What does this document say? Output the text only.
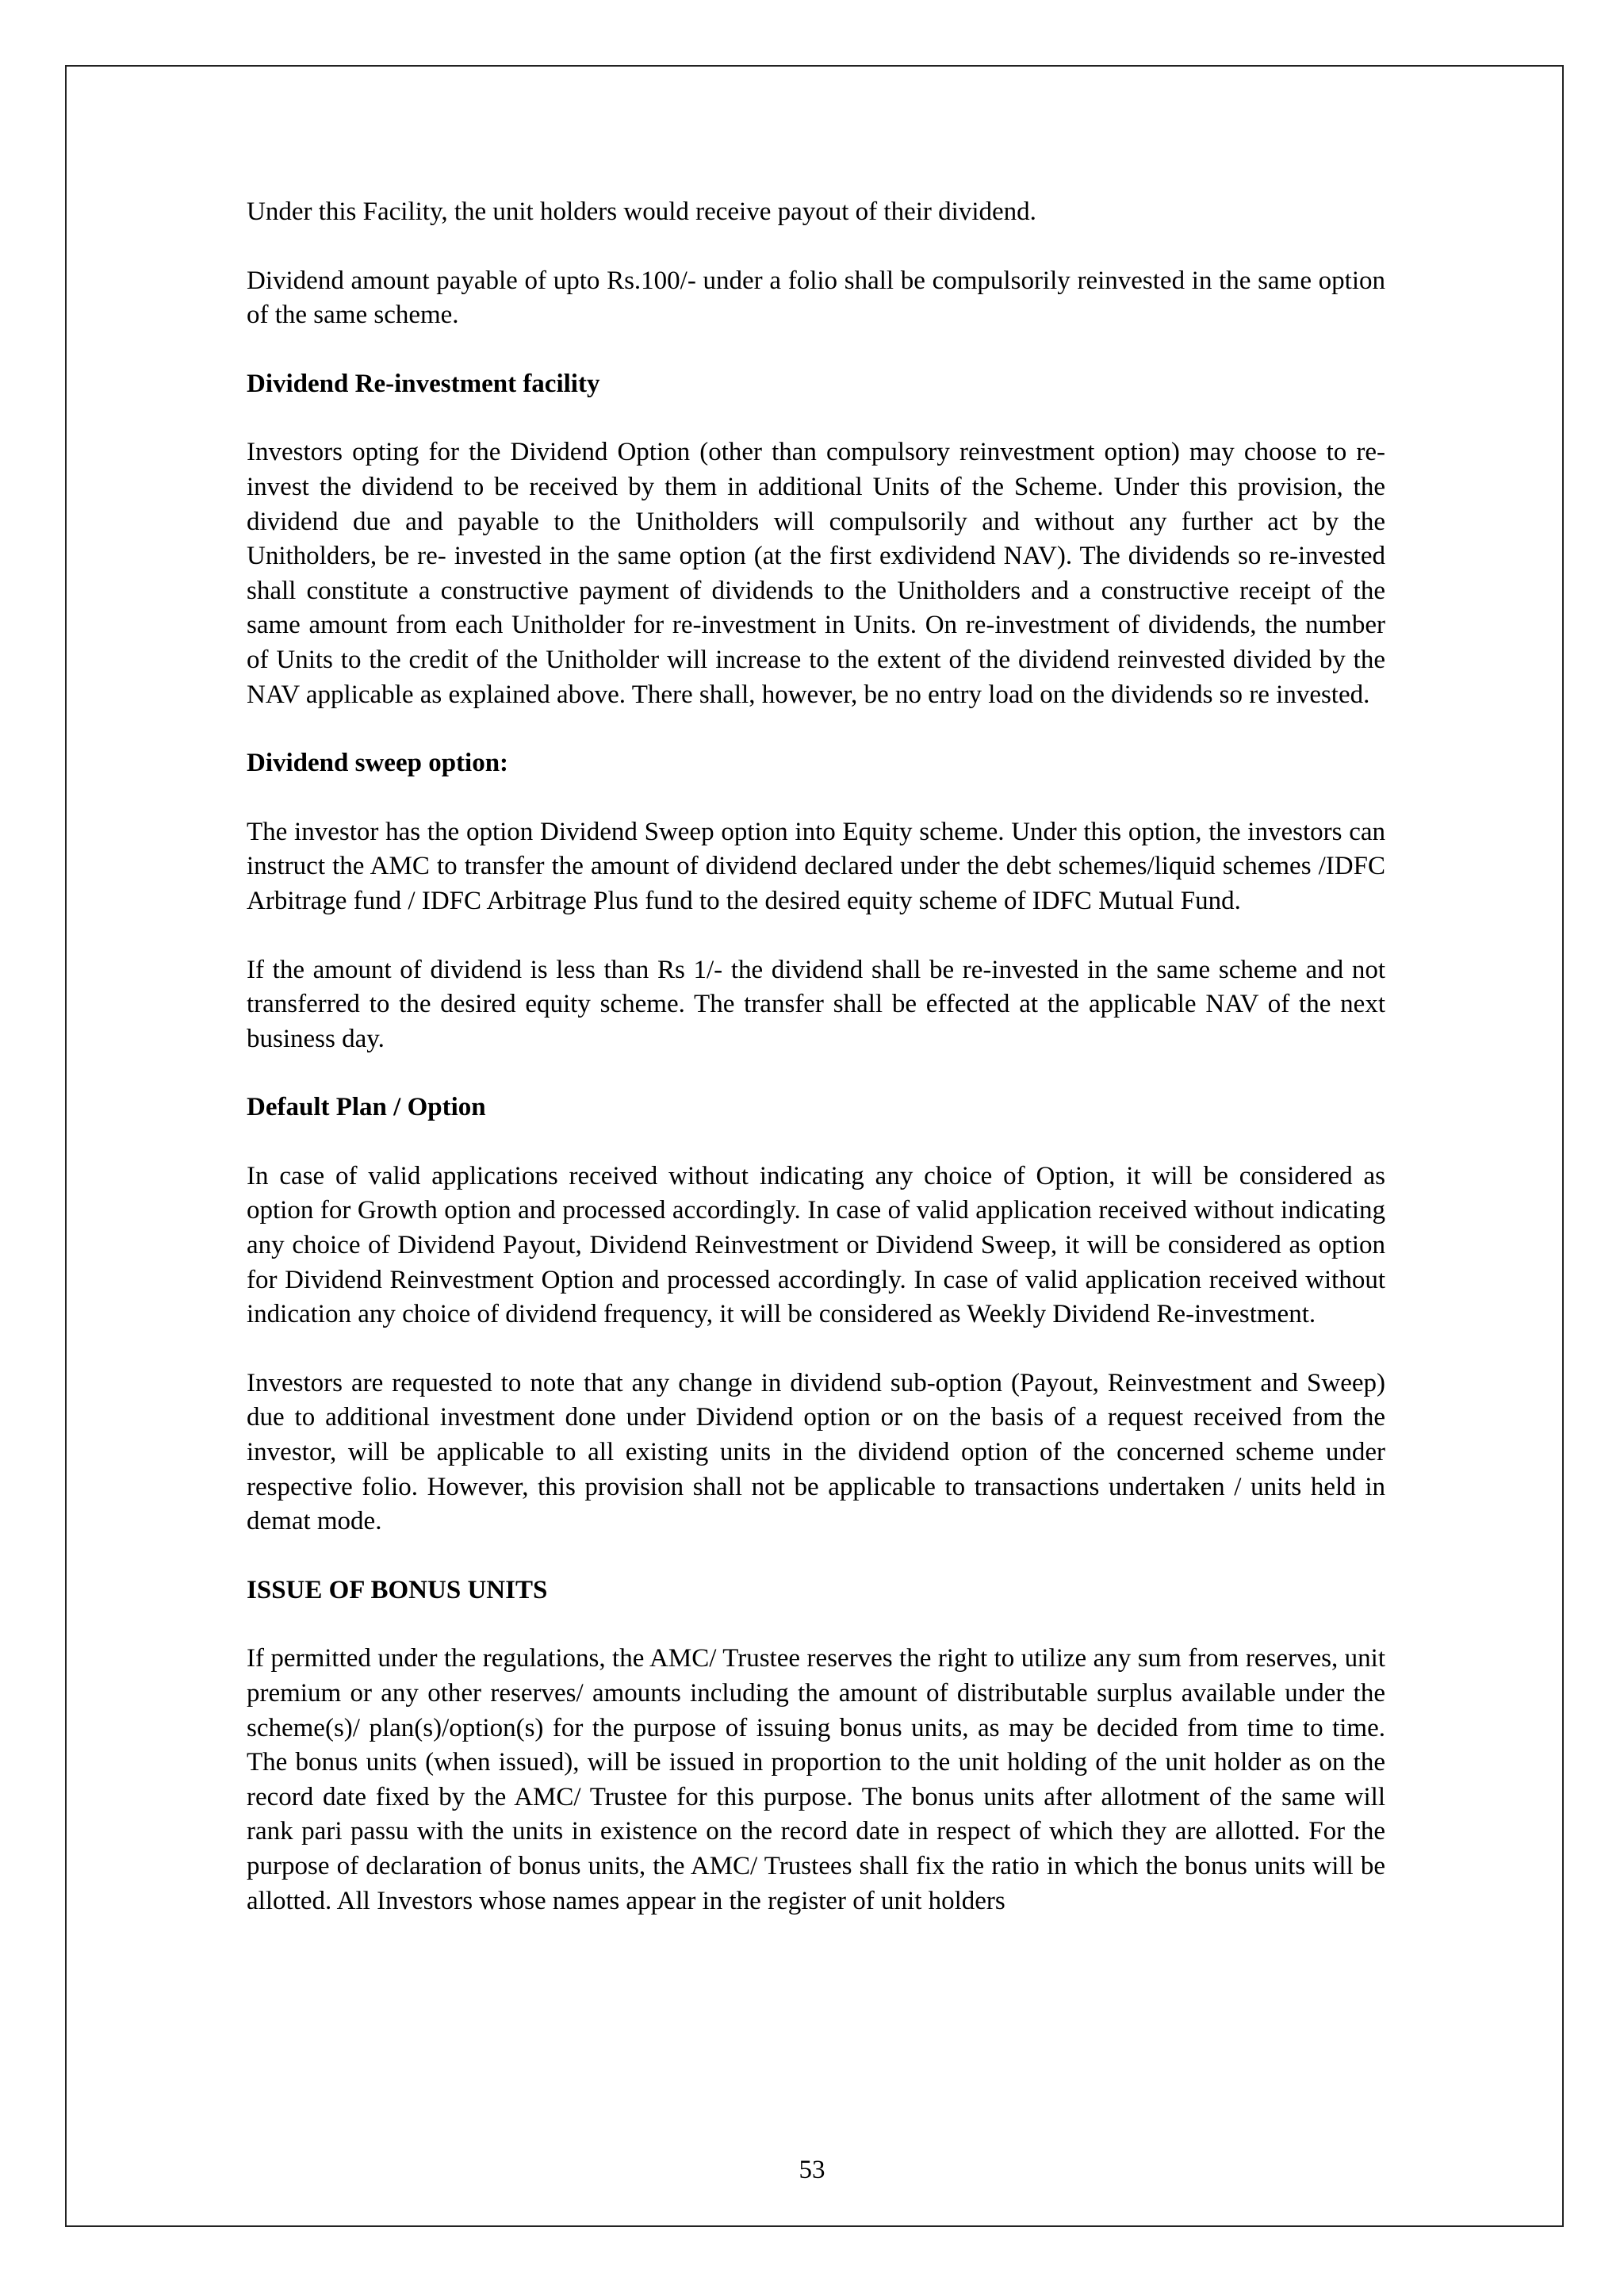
Under this Facility, the unit holders would receive payout of their dividend.

Dividend amount payable of upto Rs.100/- under a folio shall be compulsorily reinvested in the same option of the same scheme.

Dividend Re-investment facility

Investors opting for the Dividend Option (other than compulsory reinvestment option) may choose to re-invest the dividend to be received by them in additional Units of the Scheme. Under this provision, the dividend due and payable to the Unitholders will compulsorily and without any further act by the Unitholders, be re- invested in the same option (at the first exdividend NAV). The dividends so re-invested shall constitute a constructive payment of dividends to the Unitholders and a constructive receipt of the same amount from each Unitholder for re-investment in Units. On re-investment of dividends, the number of Units to the credit of the Unitholder will increase to the extent of the dividend reinvested divided by the NAV applicable as explained above. There shall, however, be no entry load on the dividends so re invested.

Dividend sweep option:

The investor has the option Dividend Sweep option into Equity scheme. Under this option, the investors can instruct the AMC to transfer the amount of dividend declared under the debt schemes/liquid schemes /IDFC Arbitrage fund / IDFC Arbitrage Plus fund to the desired equity scheme of IDFC Mutual Fund.

If the amount of dividend is less than Rs 1/- the dividend shall be re-invested in the same scheme and not transferred to the desired equity scheme. The transfer shall be effected at the applicable NAV of the next business day.

Default Plan / Option

In case of valid applications received without indicating any choice of Option, it will be considered as option for Growth option and processed accordingly. In case of valid application received without indicating any choice of Dividend Payout, Dividend Reinvestment or Dividend Sweep, it will be considered as option for Dividend Reinvestment Option and processed accordingly. In case of valid application received without indication any choice of dividend frequency, it will be considered as Weekly Dividend Re-investment.

Investors are requested to note that any change in dividend sub-option (Payout, Reinvestment and Sweep) due to additional investment done under Dividend option or on the basis of a request received from the investor, will be applicable to all existing units in the dividend option of the concerned scheme under respective folio. However, this provision shall not be applicable to transactions undertaken / units held in demat mode.

ISSUE OF BONUS UNITS

If permitted under the regulations, the AMC/ Trustee reserves the right to utilize any sum from reserves, unit premium or any other reserves/ amounts including the amount of distributable surplus available under the scheme(s)/ plan(s)/option(s) for the purpose of issuing bonus units, as may be decided from time to time. The bonus units (when issued), will be issued in proportion to the unit holding of the unit holder as on the record date fixed by the AMC/ Trustee for this purpose. The bonus units after allotment of the same will rank pari passu with the units in existence on the record date in respect of which they are allotted. For the purpose of declaration of bonus units, the AMC/ Trustees shall fix the ratio in which the bonus units will be allotted. All Investors whose names appear in the register of unit holders

53
